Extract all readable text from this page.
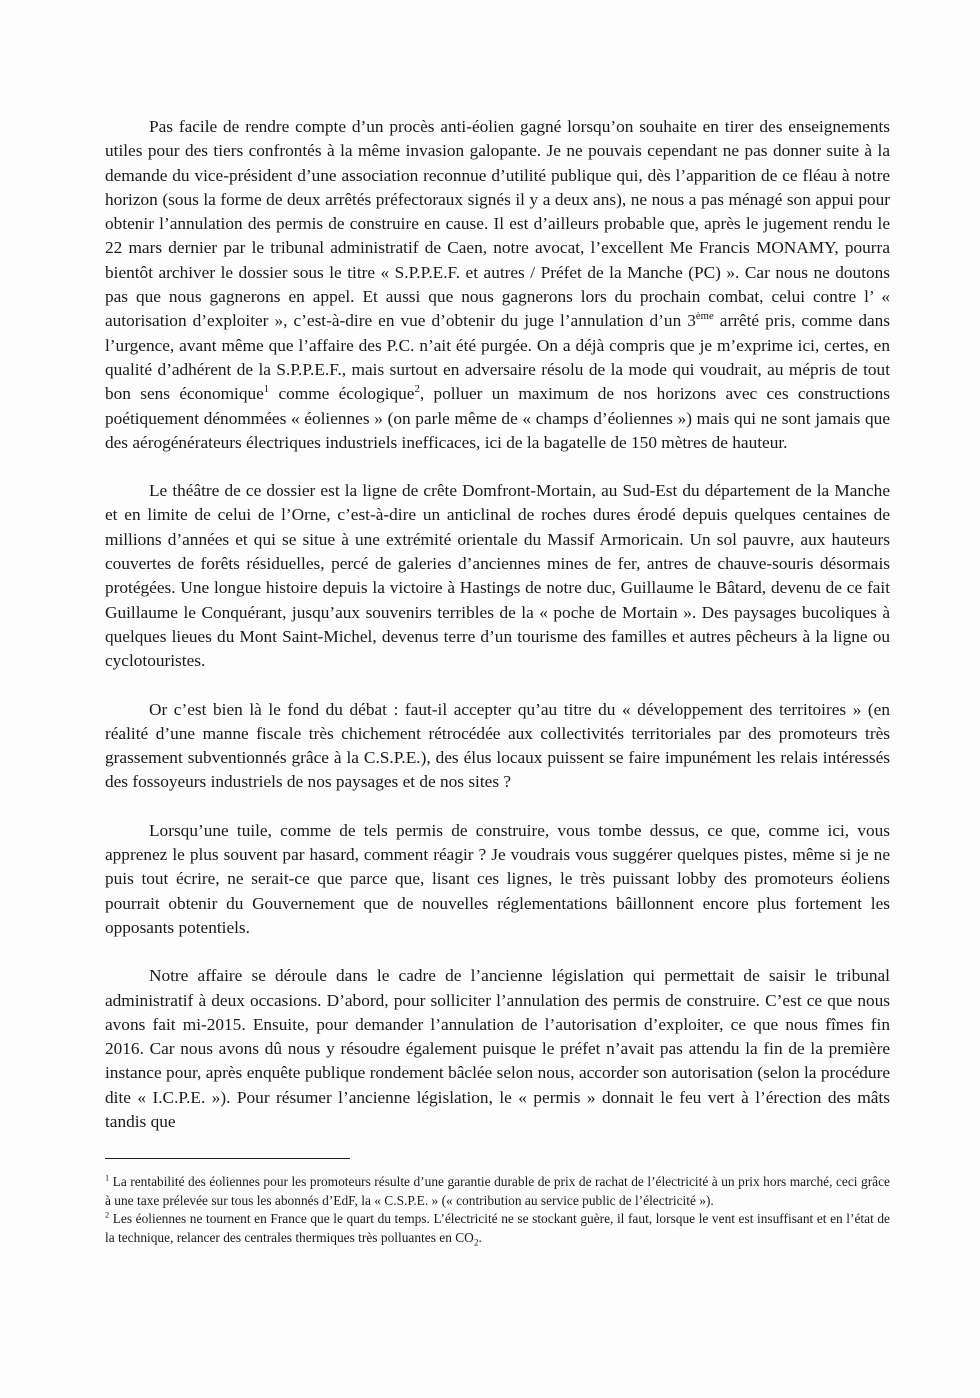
Pas facile de rendre compte d’un procès anti-éolien gagné lorsqu’on souhaite en tirer des enseignements utiles pour des tiers confrontés à la même invasion galopante. Je ne pouvais cependant ne pas donner suite à la demande du vice-président d’une association reconnue d’utilité publique qui, dès l’apparition de ce fléau à notre horizon (sous la forme de deux arrêtés préfectoraux signés il y a deux ans), ne nous a pas ménagé son appui pour obtenir l’annulation des permis de construire en cause. Il est d’ailleurs probable que, après le jugement rendu le 22 mars dernier par le tribunal administratif de Caen, notre avocat, l’excellent Me Francis MONAMY, pourra bientôt archiver le dossier sous le titre « S.P.P.E.F. et autres / Préfet de la Manche (PC) ». Car nous ne doutons pas que nous gagnerons en appel. Et aussi que nous gagnerons lors du prochain combat, celui contre l’ « autorisation d’exploiter », c’est-à-dire en vue d’obtenir du juge l’annulation d’un 3ème arrêté pris, comme dans l’urgence, avant même que l’affaire des P.C. n’ait été purgée. On a déjà compris que je m’exprime ici, certes, en qualité d’adhérent de la S.P.P.E.F., mais surtout en adversaire résolu de la mode qui voudrait, au mépris de tout bon sens économique$^1$ comme écologique$^2$, polluer un maximum de nos horizons avec ces constructions poétiquement dénommées « éoliennes » (on parle même de « champs d’éoliennes ») mais qui ne sont jamais que des aérogénérateurs électriques industriels inefficaces, ici de la bagatelle de 150 mètres de hauteur.

Le théâtre de ce dossier est la ligne de crête Domfront-Mortain, au Sud-Est du département de la Manche et en limite de celui de l’Orne, c’est-à-dire un anticlinal de roches dures érodé depuis quelques centaines de millions d’années et qui se situe à une extrémité orientale du Massif Armoricain. Un sol pauvre, aux hauteurs couvertes de forêts résiduelles, percé de galeries d’anciennes mines de fer, antres de chauve-souris désormais protégées. Une longue histoire depuis la victoire à Hastings de notre duc, Guillaume le Bâtard, devenu de ce fait Guillaume le Conquérant, jusqu’aux souvenirs terribles de la « poche de Mortain ». Des paysages bucoliques à quelques lieues du Mont Saint-Michel, devenus terre d’un tourisme des familles et autres pêcheurs à la ligne ou cyclotouristes.

Or c’est bien là le fond du débat : faut-il accepter qu’au titre du « développement des territoires » (en réalité d’une manne fiscale très chichement rétrocédée aux collectivités territoriales par des promoteurs très grassement subventionnés grâce à la C.S.P.E.), des élus locaux puissent se faire impunément les relais intéressés des fossoyeurs industriels de nos paysages et de nos sites ?

Lorsqu’une tuile, comme de tels permis de construire, vous tombe dessus, ce que, comme ici, vous apprenez le plus souvent par hasard, comment réagir ? Je voudrais vous suggérer quelques pistes, même si je ne puis tout écrire, ne serait-ce que parce que, lisant ces lignes, le très puissant lobby des promoteurs éoliens pourrait obtenir du Gouvernement que de nouvelles réglementations bâillonnent encore plus fortement les opposants potentiels.

Notre affaire se déroule dans le cadre de l’ancienne législation qui permettait de saisir le tribunal administratif à deux occasions. D’abord, pour solliciter l’annulation des permis de construire. C’est ce que nous avons fait mi-2015. Ensuite, pour demander l’annulation de l’autorisation d’exploiter, ce que nous fîmes fin 2016. Car nous avons dû nous y résoudre également puisque le préfet n’avait pas attendu la fin de la première instance pour, après enquête publique rondement bâclée selon nous, accorder son autorisation (selon la procédure dite « I.C.P.E. »). Pour résumer l’ancienne législation, le « permis » donnait le feu vert à l’érection des mâts tandis que

$^1$ La rentabilité des éoliennes pour les promoteurs résulte d’une garantie durable de prix de rachat de l’électricité à un prix hors marché, ceci grâce à une taxe prélevée sur tous les abonnés d’EdF, la « C.S.P.E. » (« contribution au service public de l’électricité »).

$^2$ Les éoliennes ne tournent en France que le quart du temps. L’électricité ne se stockant guère, il faut, lorsque le vent est insuffisant et en l’état de la technique, relancer des centrales thermiques très polluantes en $CO_2$.
